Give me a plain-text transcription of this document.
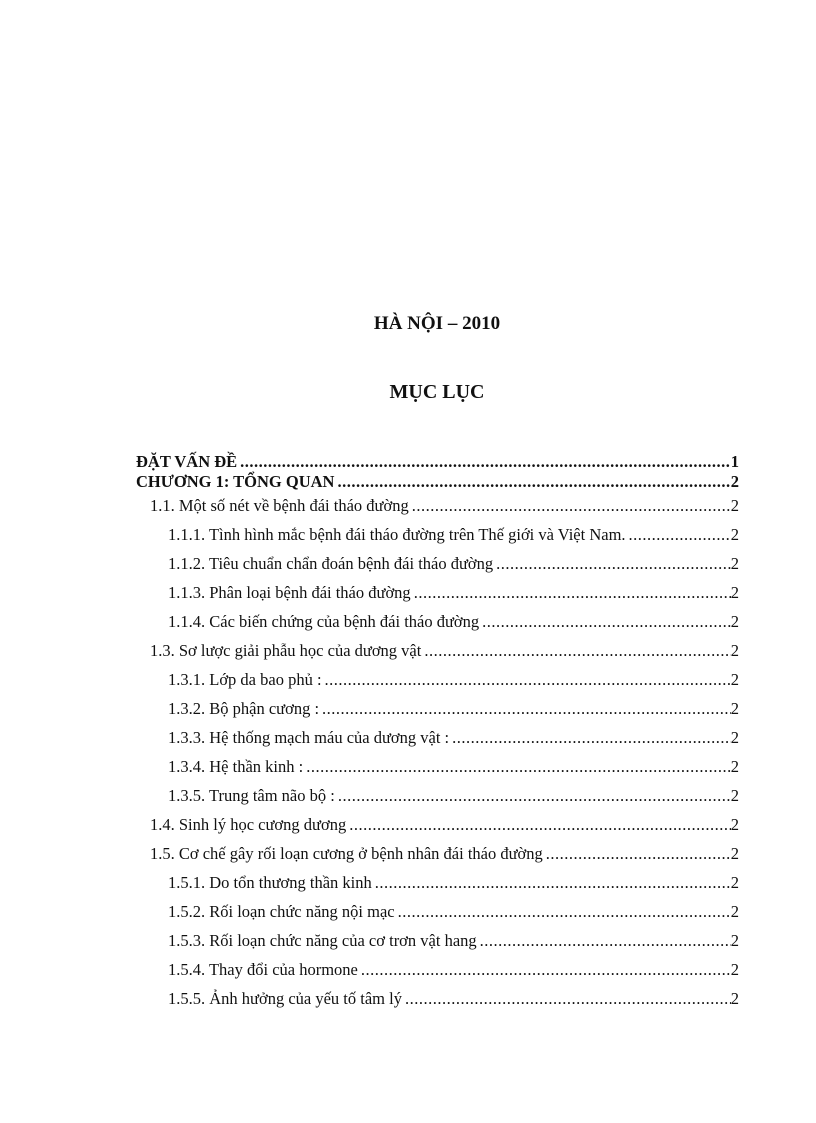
HÀ NỘI – 2010
MỤC LỤC
ĐẶT VẤN ĐỀ .....	1
CHƯƠNG 1: TỔNG QUAN .....	2
1.1. Một số nét về bệnh đái tháo đường .....	2
1.1.1. Tình hình mắc bệnh đái tháo đường trên Thế giới và Việt Nam. .....	2
1.1.2. Tiêu chuẩn chẩn đoán bệnh đái tháo đường .....	2
1.1.3. Phân loại bệnh đái tháo đường .....	2
1.1.4. Các biến chứng của bệnh đái tháo đường .....	2
1.3. Sơ lược giải phẫu học của dương vật .....	2
1.3.1. Lớp da bao phủ : .....	2
1.3.2. Bộ phận cương : .....	2
1.3.3. Hệ thống mạch máu của dương vật : .....	2
1.3.4. Hệ thần kinh : .....	2
1.3.5. Trung tâm não bộ : .....	2
1.4. Sinh lý học cương dương .....	2
1.5. Cơ chế gây rối loạn cương ở bệnh nhân đái tháo đường .....	2
1.5.1. Do tổn thương thần kinh .....	2
1.5.2. Rối loạn chức năng nội mạc .....	2
1.5.3. Rối loạn chức năng của cơ trơn vật hang .....	2
1.5.4. Thay đổi của hormone .....	2
1.5.5. Ảnh hưởng của yếu tố tâm lý .....	2
